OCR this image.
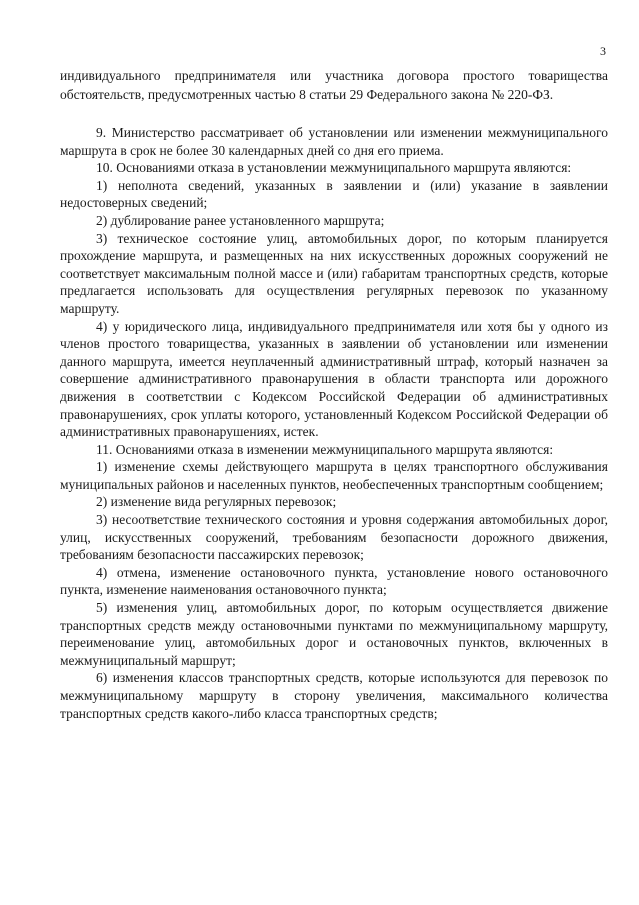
3

индивидуального предпринимателя или участника договора простого товарищества обстоятельств, предусмотренных частью 8 статьи 29 Федерального закона № 220-ФЗ.

9. Министерство рассматривает об установлении или изменении межмуниципального маршрута в срок не более 30 календарных дней со дня его приема.

10. Основаниями отказа в установлении межмуниципального маршрута являются:

1) неполнота сведений, указанных в заявлении и (или) указание в заявлении недостоверных сведений;

2) дублирование ранее установленного маршрута;

3) техническое состояние улиц, автомобильных дорог, по которым планируется прохождение маршрута, и размещенных на них искусственных дорожных сооружений не соответствует максимальным полной массе и (или) габаритам транспортных средств, которые предлагается использовать для осуществления регулярных перевозок по указанному маршруту.

4) у юридического лица, индивидуального предпринимателя или хотя бы у одного из членов простого товарищества, указанных в заявлении об установлении или изменении данного маршрута, имеется неуплаченный административный штраф, который назначен за совершение административного правонарушения в области транспорта или дорожного движения в соответствии с Кодексом Российской Федерации об административных правонарушениях, срок уплаты которого, установленный Кодексом Российской Федерации об административных правонарушениях, истек.

11. Основаниями отказа в изменении межмуниципального маршрута являются:

1) изменение схемы действующего маршрута в целях транспортного обслуживания муниципальных районов и населенных пунктов, необеспеченных транспортным сообщением;

2) изменение вида регулярных перевозок;

3) несоответствие технического состояния и уровня содержания автомобильных дорог, улиц, искусственных сооружений, требованиям безопасности дорожного движения, требованиям безопасности пассажирских перевозок;

4) отмена, изменение остановочного пункта, установление нового остановочного пункта, изменение наименования остановочного пункта;

5) изменения улиц, автомобильных дорог, по которым осуществляется движение транспортных средств между остановочными пунктами по межмуниципальному маршруту, переименование улиц, автомобильных дорог и остановочных пунктов, включенных в межмуниципальный маршрут;

6) изменения классов транспортных средств, которые используются для перевозок по межмуниципальному маршруту в сторону увеличения, максимального количества транспортных средств какого-либо класса транспортных средств;
